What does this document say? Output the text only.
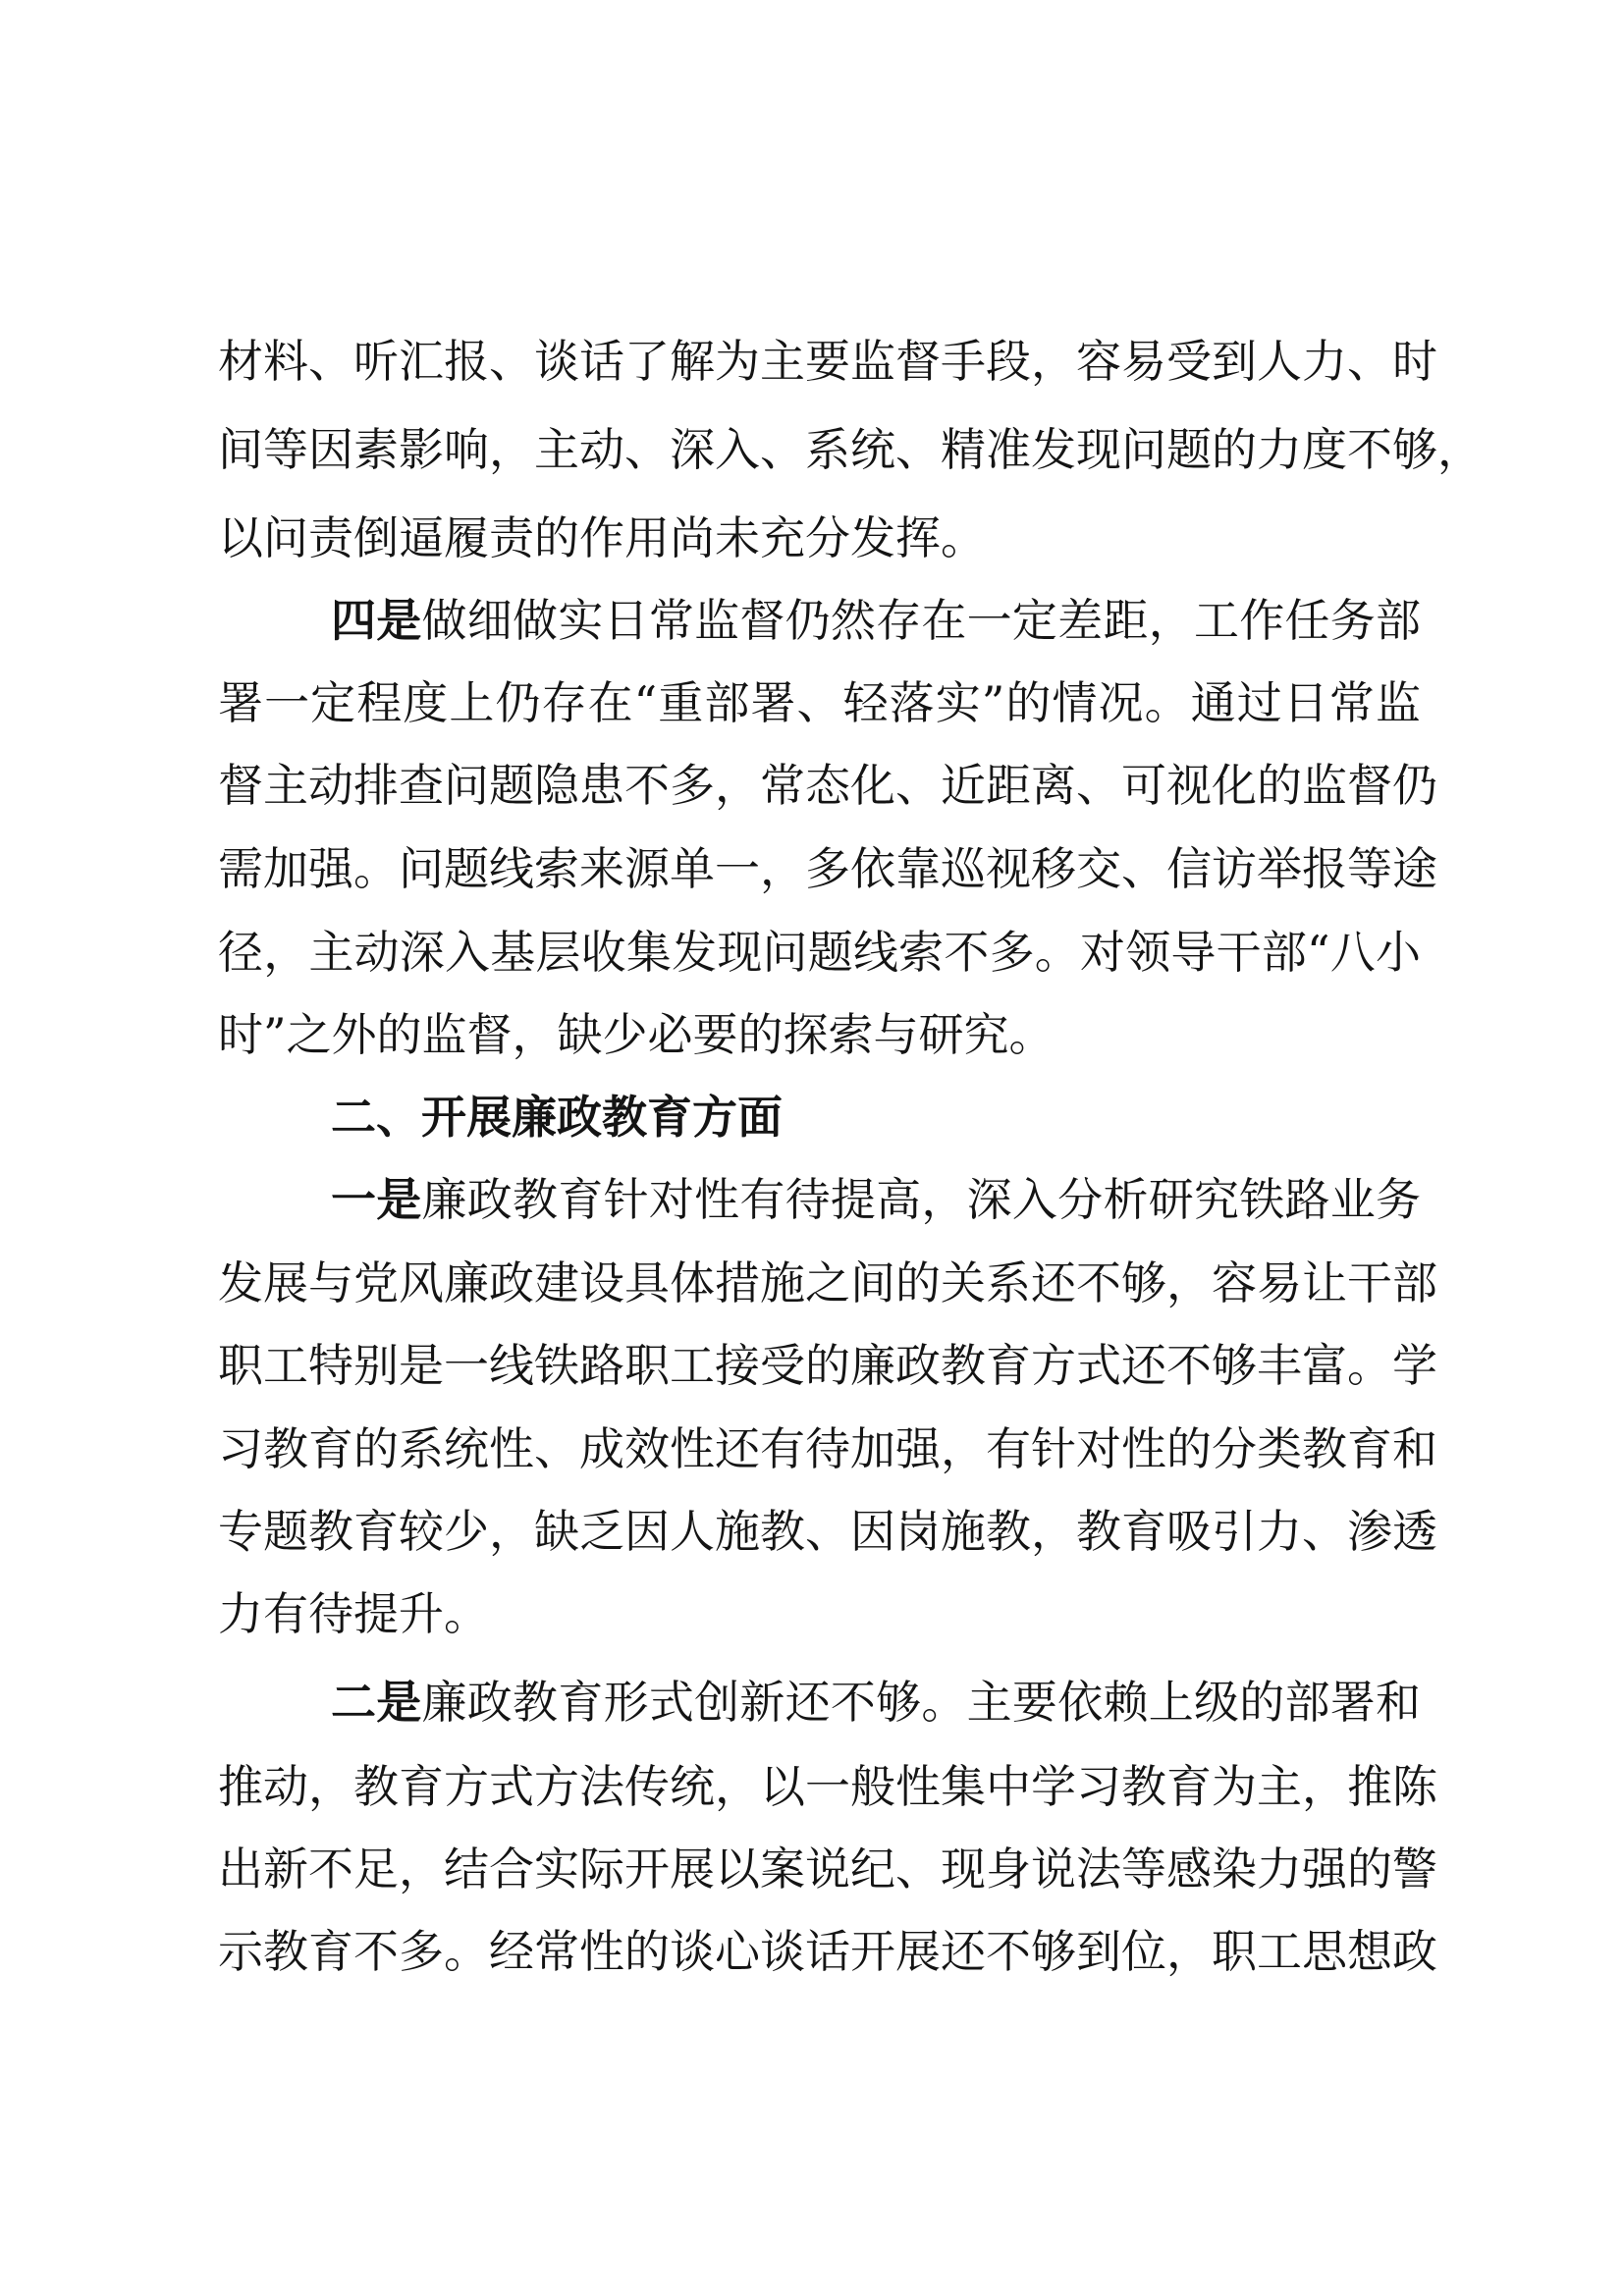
材料、听汇报、谈话了解为主要监督手段，容易受到人力、时
间等因素影响，主动、深入、系统、精准发现问题的力度不够，
以问责倒逼履责的作用尚未充分发挥。
四是做细做实日常监督仍然存在一定差距，工作任务部
署一定程度上仍存在“重部署、轻落实”的情况。通过日常监
督主动排查问题隐患不多，常态化、近距离、可视化的监督仍
需加强。问题线索来源单一，多依靠巡视移交、信访举报等途
径，主动深入基层收集发现问题线索不多。对领导干部“八小
时”之外的监督，缺少必要的探索与研究。
二、开展廉政教育方面
一是廉政教育针对性有待提高，深入分析研究铁路业务
发展与党风廉政建设具体措施之间的关系还不够，容易让干部
职工特别是一线铁路职工接受的廉政教育方式还不够丰富。学
习教育的系统性、成效性还有待加强，有针对性的分类教育和
专题教育较少，缺乏因人施教、因岗施教，教育吸引力、渗透
力有待提升。
二是廉政教育形式创新还不够。主要依赖上级的部署和
推动，教育方式方法传统，以一般性集中学习教育为主，推陈
出新不足，结合实际开展以案说纪、现身说法等感染力强的警
示教育不多。经常性的谈心谈话开展还不够到位，职工思想政
